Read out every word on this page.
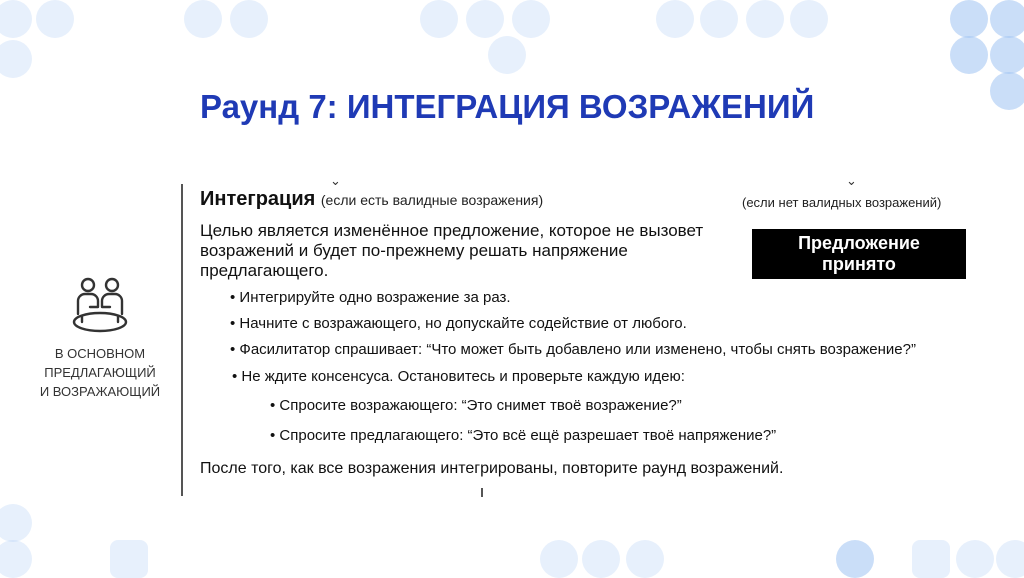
Раунд 7: ИНТЕГРАЦИЯ ВОЗРАЖЕНИЙ
⌄	⌄
В ОСНОВНОМ
ПРЕДЛАГАЮЩИЙ
И ВОЗРАЖАЮЩИЙ
Интеграция (если есть валидные возражения)	(если нет валидных возражений)
Предложение
принято
Целью является изменённое предложение, которое не вызовет возражений и будет по-прежнему решать напряжение предлагающего.
• Интегрируйте одно возражение за раз.
• Начните с возражающего, но допускайте содействие от любого.
• Фасилитатор спрашивает: “Что может быть добавлено или изменено, чтобы снять возражение?”
• Не ждите консенсуса. Остановитесь и проверьте каждую идею:
• Спросите возражающего: “Это снимет твоё возражение?”
• Спросите предлагающего: “Это всё ещё разрешает твоё напряжение?”
После того, как все возражения интегрированы, повторите раунд возражений.
